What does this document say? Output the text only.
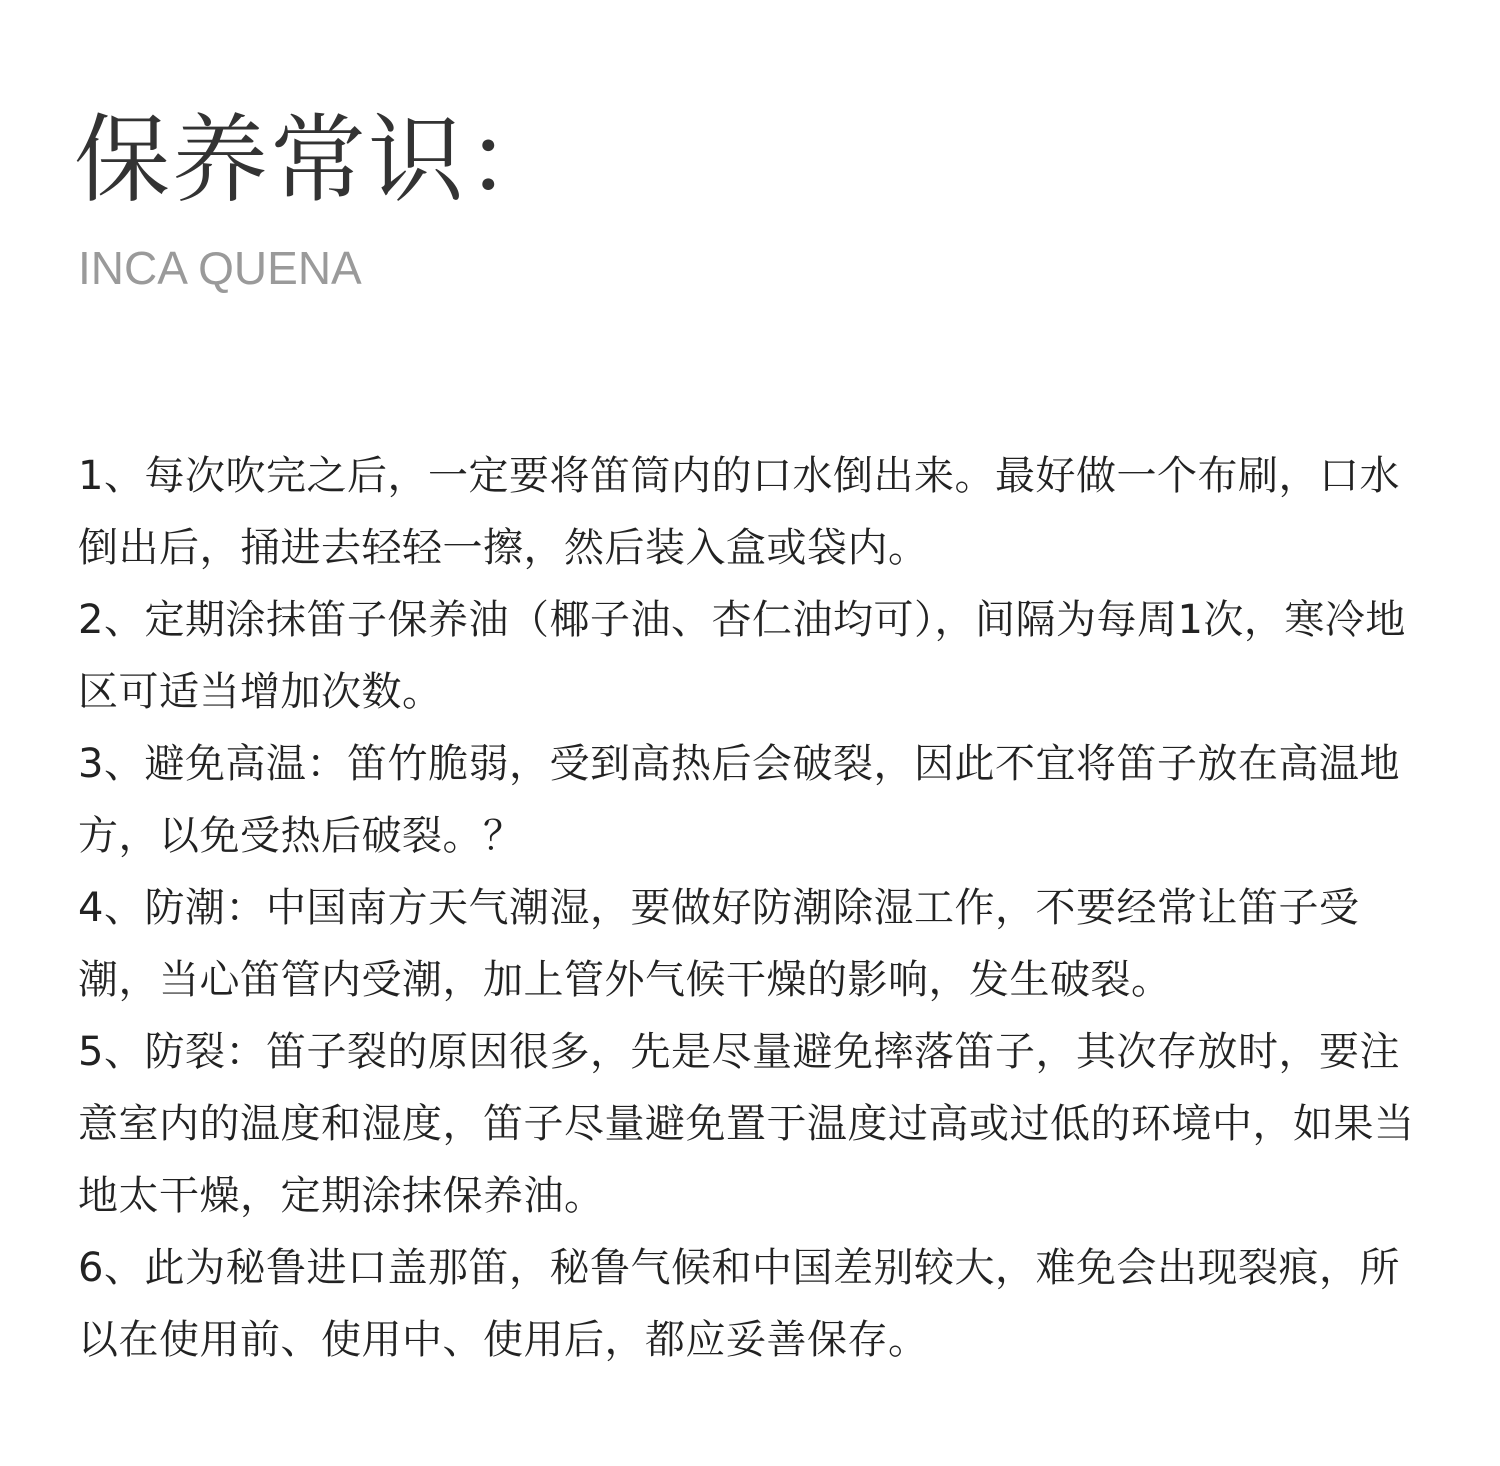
保养常识：
INCA QUENA
1、每次吹完之后，一定要将笛筒内的口水倒出来。最好做一个布刷，口水倒出后，捅进去轻轻一擦，然后装入盒或袋内。
2、定期涂抹笛子保养油（椰子油、杏仁油均可），间隔为每周1次，寒冷地区可适当增加次数。
3、避免高温：笛竹脆弱，受到高热后会破裂，因此不宜将笛子放在高温地方，以免受热后破裂。？
4、防潮：中国南方天气潮湿，要做好防潮除湿工作，不要经常让笛子受潮，当心笛管内受潮，加上管外气候干燥的影响，发生破裂。
5、防裂：笛子裂的原因很多，先是尽量避免摔落笛子，其次存放时，要注意室内的温度和湿度，笛子尽量避免置于温度过高或过低的环境中，如果当地太干燥，定期涂抹保养油。
6、此为秘鲁进口盖那笛，秘鲁气候和中国差别较大，难免会出现裂痕，所以在使用前、使用中、使用后，都应妥善保存。
